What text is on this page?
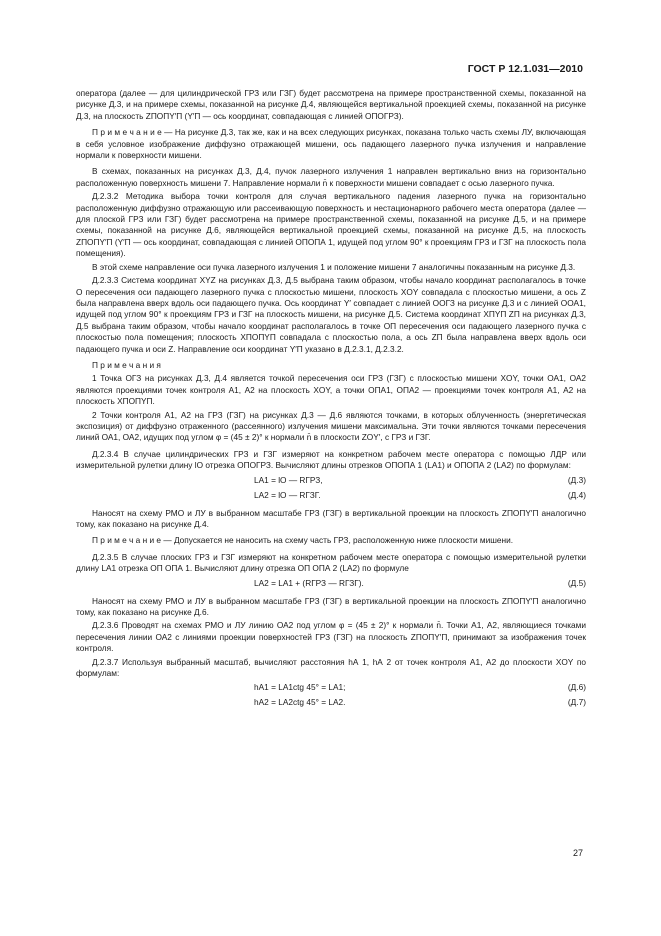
ГОСТ Р 12.1.031—2010

оператора (далее — для цилиндрической ГРЗ или ГЗГ) будет рассмотрена на примере пространственной схемы, показанной на рисунке Д.3, и на примере схемы, показанной на рисунке Д.4, являющейся вертикальной проекцией схемы, показанной на рисунке Д.3, на плоскость ZПОПY′П (Y′П — ось координат, совпадающая с линией ОПОГРЗ).

П р и м е ч а н и е — На рисунке Д.3, так же, как и на всех следующих рисунках, показана только часть схемы ЛУ, включающая в себя условное изображение диффузно отражающей мишени, ось падающего лазерного пучка излучения и направление нормали к поверхности мишени.

В схемах, показанных на рисунках Д.3, Д.4, пучок лазерного излучения 1 направлен вертикально вниз на горизонтально расположенную поверхность мишени 7. Направление нормали n̄ к поверхности мишени совпадает с осью лазерного пучка.

Д.2.3.2 Методика выбора точки контроля для случая вертикального падения лазерного пучка на горизонтально расположенную диффузно отражающую или рассеивающую поверхность и нестационарного рабочего места оператора (далее — для плоской ГРЗ или ГЗГ) будет рассмотрена на примере пространственной схемы, показанной на рисунке Д.5, и на примере схемы, показанной на рисунке Д.6, являющейся вертикальной проекцией схемы, показанной на рисунке Д.5, на плоскость ZПОПY′П (Y′П — ось координат, совпадающая с линией ОПОПА 1, идущей под углом 90° к проекциям ГРЗ и ГЗГ на плоскость пола помещения).

В этой схеме направление оси пучка лазерного излучения 1 и положение мишени 7 аналогичны показанным на рисунке Д.3.

Д.2.3.3 Система координат XYZ на рисунках Д.3, Д.5 выбрана таким образом, чтобы начало координат располагалось в точке О пересечения оси падающего лазерного пучка с плоскостью мишени, плоскость XOY совпадала с плоскостью мишени, а ось Z была направлена вверх вдоль оси падающего пучка. Ось координат Y′ совпадает с линией ООГЗ на рисунке Д.3 и с линией ООА1, идущей под углом 90° к проекциям ГРЗ и ГЗГ на плоскость мишени, на рисунке Д.5. Система координат XПYП ZП на рисунках Д.3, Д.5 выбрана таким образом, чтобы начало координат располагалось в точке ОП пересечения оси падающего лазерного пучка с плоскостью пола помещения; плоскость XПОПYП совпадала с плоскостью пола, а ось ZП была направлена вверх вдоль оси падающего пучка и оси Z. Направление оси координат Y′П указано в Д.2.3.1, Д.2.3.2.

П р и м е ч а н и я

1 Точка ОГЗ на рисунках Д.3, Д.4 является точкой пересечения оси ГРЗ (ГЗГ) с плоскостью мишени XOY, точки ОА1, ОА2 являются проекциями точек контроля А1, А2 на плоскость XOY, а точки ОПА1, ОПА2 — проекциями точек контроля А1, А2 на плоскость XПОПYП.

2 Точки контроля А1, А2 на ГРЗ (ГЗГ) на рисунках Д.3 — Д.6 являются точками, в которых облученность (энергетическая экспозиция) от диффузно отраженного (рассеянного) излучения мишени максимальна. Эти точки являются точками пересечения линий ОА1, ОА2, идущих под углом φ = (45 ± 2)° к нормали n̄ в плоскости ZOY′, с ГРЗ и ГЗГ.

Д.2.3.4 В случае цилиндрических ГРЗ и ГЗГ измеряют на конкретном рабочем месте оператора с помощью ЛДР или измерительной рулетки длину lО отрезка ОПОГРЗ. Вычисляют длины отрезков ОПОПА 1 (LА1) и ОПОПА 2 (LА2) по формулам:

LА1 = lО — RГРЗ,	(Д.3)
LА2 = lО — RГЗГ.	(Д.4)

Наносят на схему РМО и ЛУ в выбранном масштабе ГРЗ (ГЗГ) в вертикальной проекции на плоскость ZПОПY′П аналогично тому, как показано на рисунке Д.4.

П р и м е ч а н и е — Допускается не наносить на схему часть ГРЗ, расположенную ниже плоскости мишени.

Д.2.3.5 В случае плоских ГРЗ и ГЗГ измеряют на конкретном рабочем месте оператора с помощью измерительной рулетки длину LА1 отрезка ОП ОПА 1. Вычисляют длину отрезка ОП ОПА 2 (LА2) по формуле

LА2 = LА1 + (RГРЗ — RГЗГ).	(Д.5)

Наносят на схему РМО и ЛУ в выбранном масштабе ГРЗ (ГЗГ) в вертикальной проекции на плоскость ZПОПY′П аналогично тому, как показано на рисунке Д.6.

Д.2.3.6 Проводят на схемах РМО и ЛУ линию ОА2 под углом φ = (45 ± 2)° к нормали n̄. Точки А1, А2, являющиеся точками пересечения линии ОА2 с линиями проекции поверхностей ГРЗ (ГЗГ) на плоскость ZПОПY′П, принимают за изображения точек контроля.

Д.2.3.7 Используя выбранный масштаб, вычисляют расстояния hА 1, hА 2 от точек контроля А1, А2 до плоскости XOY по формулам:

hА1 = LА1ctg 45° = LА1;	(Д.6)
hА2 = LА2ctg 45° = LА2.	(Д.7)
27
